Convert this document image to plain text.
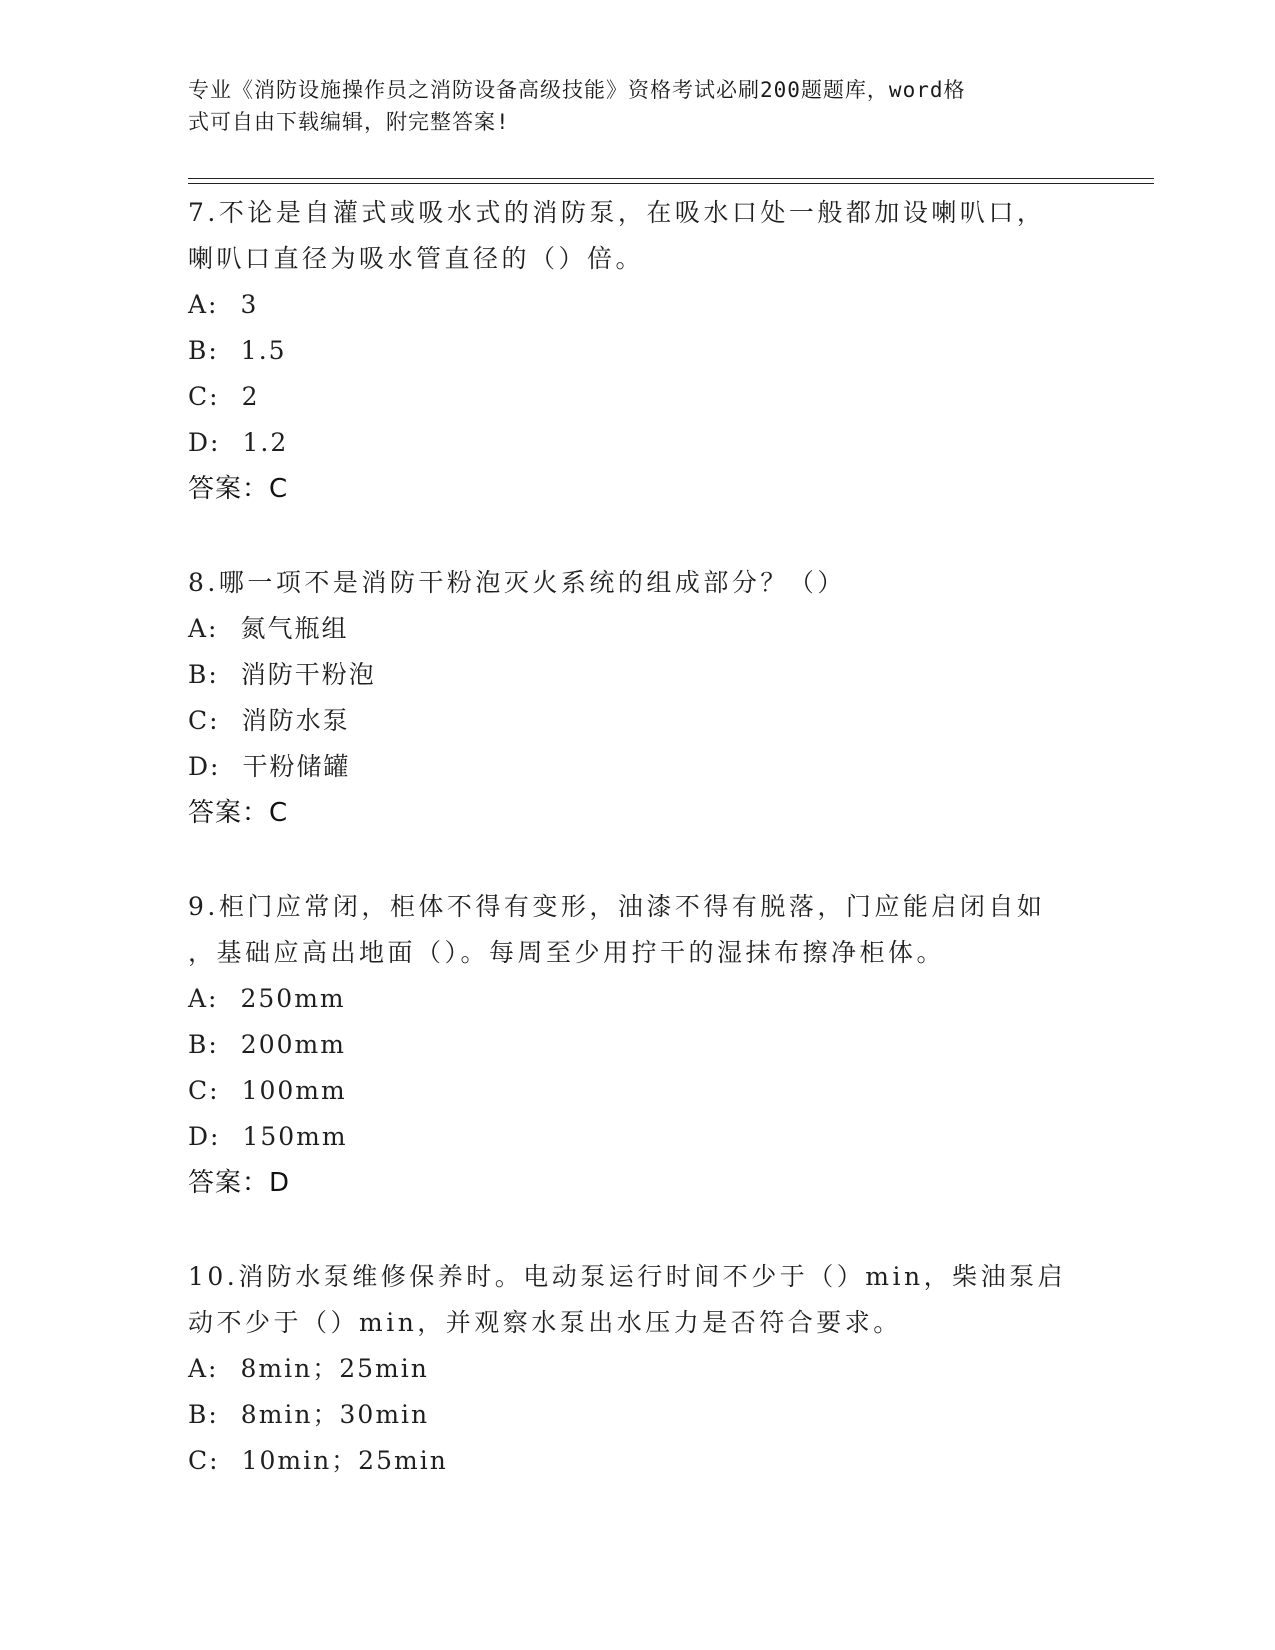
专业《消防设施操作员之消防设备高级技能》资格考试必刷200题题库，word格
式可自由下载编辑，附完整答案!
7.不论是自灌式或吸水式的消防泵，在吸水口处一般都加设喇叭口，
喇叭口直径为吸水管直径的（）倍。
A: 3
B: 1.5
C: 2
D: 1.2
答案：C
8.哪一项不是消防干粉泡灭火系统的组成部分？（）
A: 氮气瓶组
B: 消防干粉泡
C: 消防水泵
D: 干粉储罐
答案：C
9.柜门应常闭，柜体不得有变形，油漆不得有脱落，门应能启闭自如
，基础应高出地面（）。每周至少用拧干的湿抹布擦净柜体。
A: 250mm
B: 200mm
C: 100mm
D: 150mm
答案：D
10.消防水泵维修保养时。电动泵运行时间不少于（）min，柴油泵启
动不少于（）min，并观察水泵出水压力是否符合要求。
A: 8min；25min
B: 8min；30min
C: 10min；25min
